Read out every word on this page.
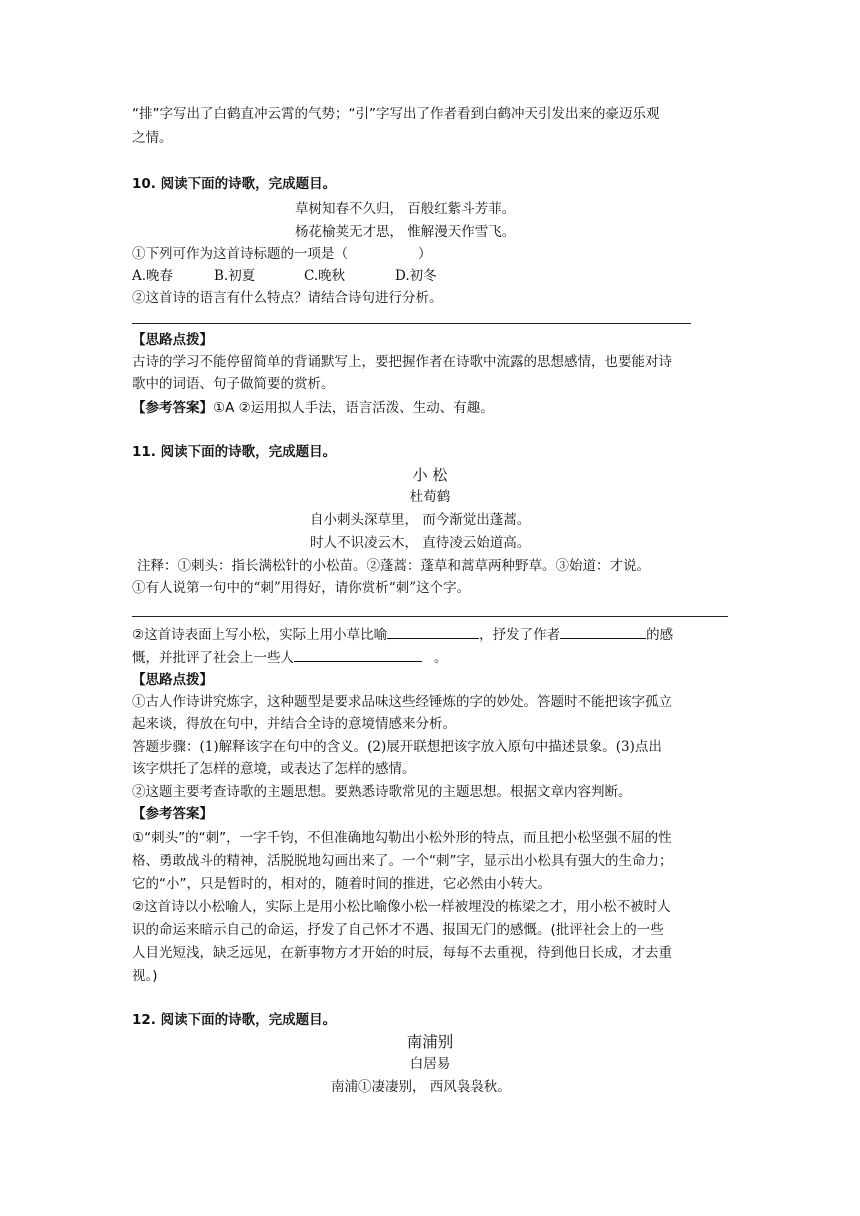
“排”字写出了白鹤直冲云霄的气势；“引”字写出了作者看到白鹤冲天引发出来的豪迈乐观
之情。
10. 阅读下面的诗歌，完成题目。
草树知春不久归， 百般红紫斗芳菲。
杨花榆荚无才思， 惟解漫天作雪飞。
①下列可作为这首诗标题的一项是（	）
A.晚春	B.初夏	C.晚秋	D.初冬
②这首诗的语言有什么特点？请结合诗句进行分析。
【思路点拨】
古诗的学习不能停留简单的背诵默写上，要把握作者在诗歌中流露的思想感情，也要能对诗
歌中的词语、句子做简要的赏析。
【参考答案】①A ②运用拟人手法，语言活泼、生动、有趣。
11. 阅读下面的诗歌，完成题目。
小 松
杜荀鹤
自小刺头深草里， 而今渐觉出蓬蒿。
时人不识凌云木， 直待凌云始道高。
注释：①刺头：指长满松针的小松苗。②蓬蒿：蓬草和蒿草两种野草。③始道：才说。
①有人说第一句中的“刺”用得好，请你赏析“刺”这个字。
②这首诗表面上写小松，实际上用小草比喻	，抒发了作者	的感
慨，并批评了社会上一些人	。
【思路点拨】
①古人作诗讲究炼字，这种题型是要求品味这些经锤炼的字的妙处。答题时不能把该字孤立
起来谈，得放在句中，并结合全诗的意境情感来分析。
答题步骤：(1)解释该字在句中的含义。(2)展开联想把该字放入原句中描述景象。(3)点出
该字烘托了怎样的意境，或表达了怎样的感情。
②这题主要考查诗歌的主题思想。要熟悉诗歌常见的主题思想。根据文章内容判断。
【参考答案】
①“刺头”的“刺”，一字千钧，不但准确地勾勒出小松外形的特点，而且把小松坚强不屈的性
格、勇敢战斗的精神，活脱脱地勾画出来了。一个“刺”字，显示出小松具有强大的生命力；
它的“小”，只是暂时的，相对的，随着时间的推进，它必然由小转大。
②这首诗以小松喻人，实际上是用小松比喻像小松一样被埋没的栋梁之才，用小松不被时人
识的命运来暗示自己的命运，抒发了自己怀才不遇、报国无门的感慨。(批评社会上的一些
人目光短浅，缺乏远见，在新事物方才开始的时辰，每每不去重视，待到他日长成，才去重
视。)
12. 阅读下面的诗歌，完成题目。
南浦别
白居易
南浦①凄凄别， 西风袅袅秋。
